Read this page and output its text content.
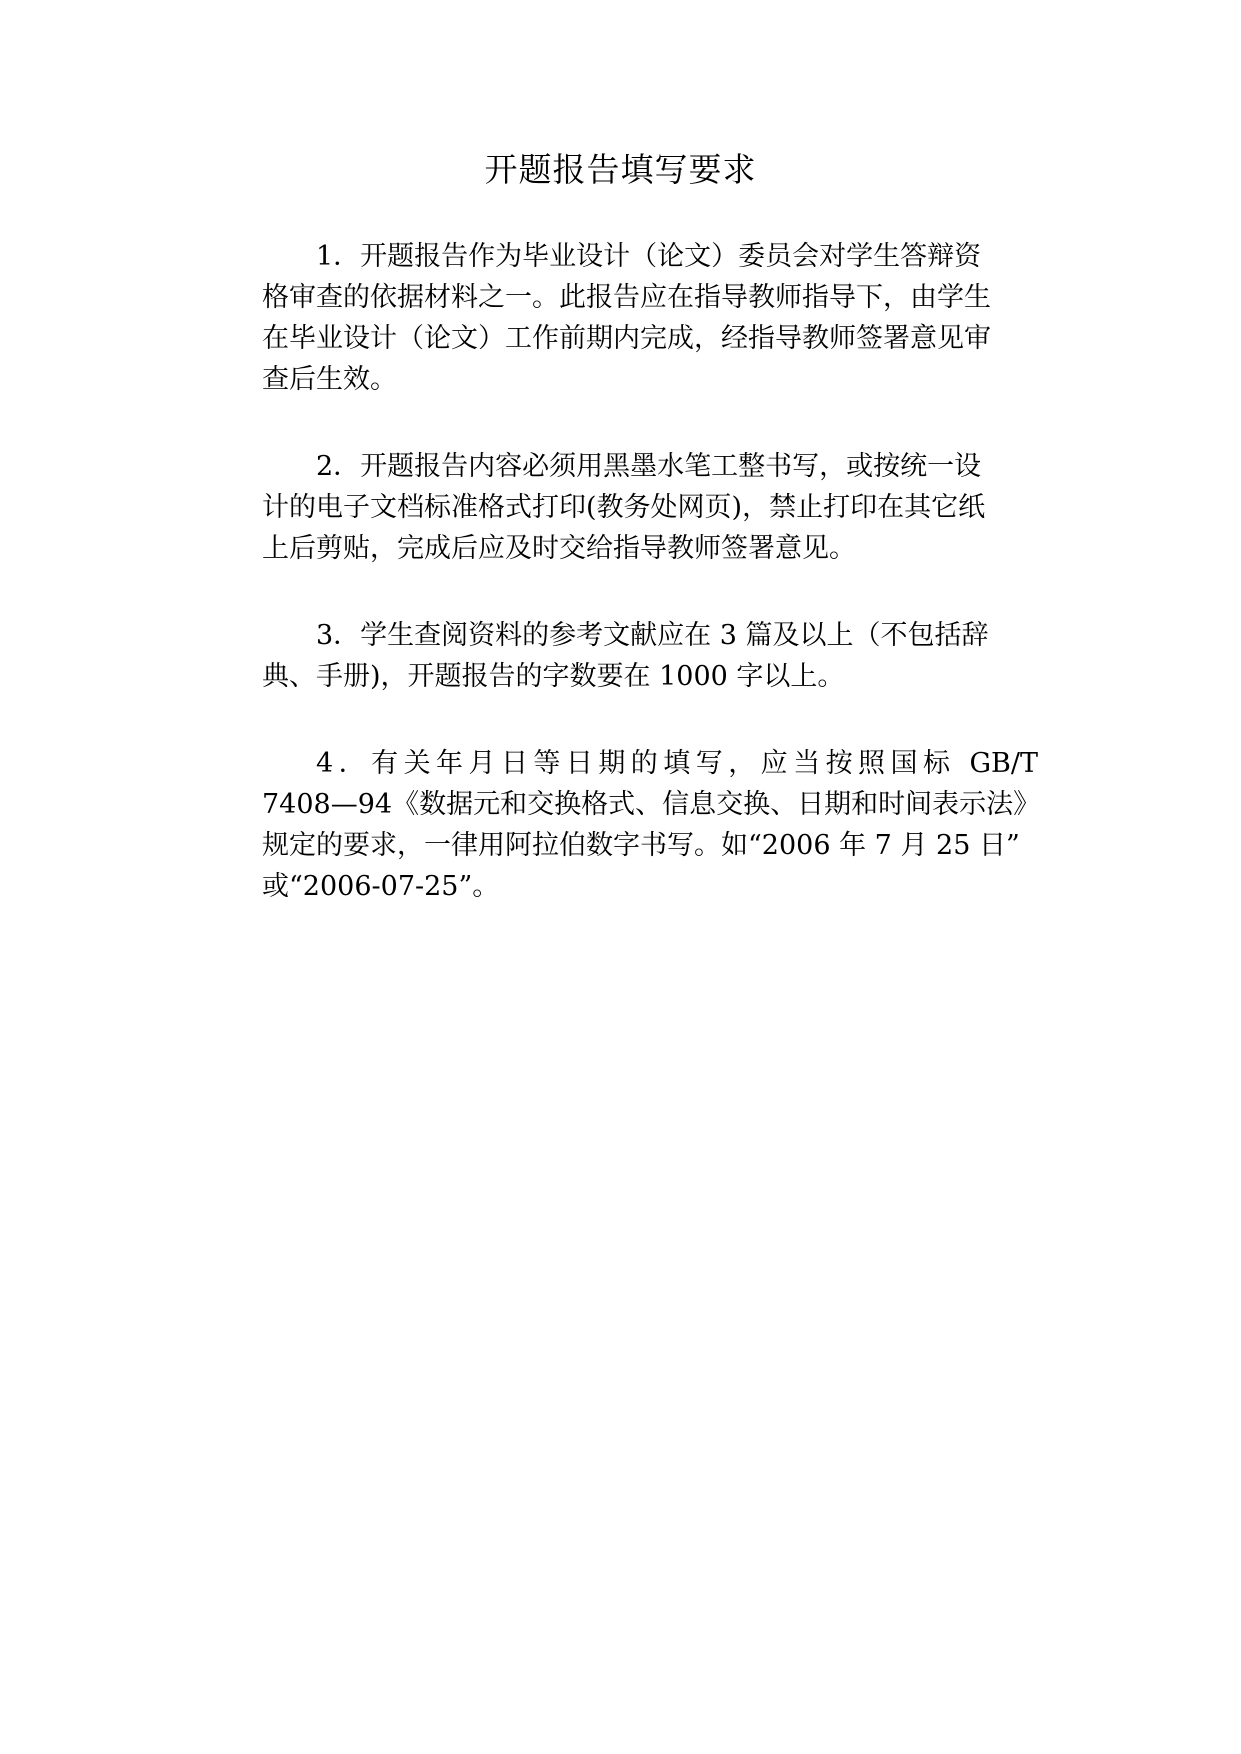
开题报告填写要求
1．开题报告作为毕业设计（论文）委员会对学生答辩资
格审查的依据材料之一。此报告应在指导教师指导下，由学生
在毕业设计（论文）工作前期内完成，经指导教师签署意见审
查后生效。
2．开题报告内容必须用黑墨水笔工整书写，或按统一设
计的电子文档标准格式打印(教务处网页)，禁止打印在其它纸
上后剪贴，完成后应及时交给指导教师签署意见。
3．学生查阅资料的参考文献应在 3 篇及以上（不包括辞
典、手册)，开题报告的字数要在 1000 字以上。
4．有关年月日等日期的填写，应当按照国标 GB/T
7408—94《数据元和交换格式、信息交换、日期和时间表示法》
规定的要求，一律用阿拉伯数字书写。如“2006 年 7 月 25 日”
或“2006-07-25”。
